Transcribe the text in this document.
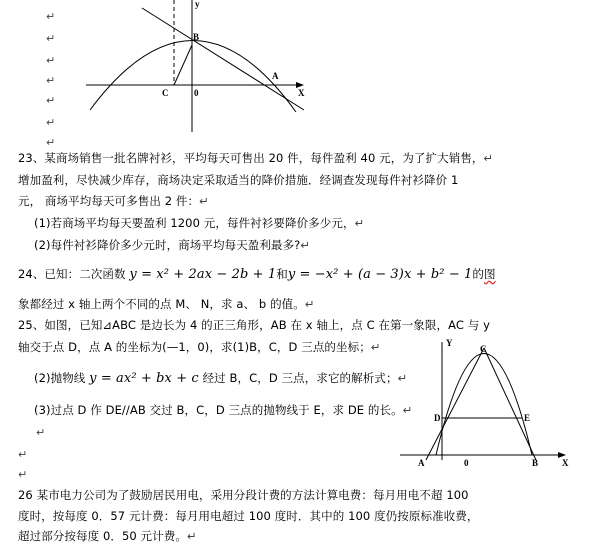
↵
↵
↵
↵
↵
↵
↵
y
B
C	0
A
X
23、某商场销售一批名牌衬衫，平均每天可售出 20 件，每件盈利 40 元，为了扩大销售，↵
增加盈利，尽快减少库存，商场决定采取适当的降价措施．经调查发现每件衬衫降价 1
元， 商场平均每天可多售出 2 件：↵
(1)若商场平均每天要盈利 1200 元，每件衬衫要降价多少元，↵
(2)每件衬衫降价多少元时，商场平均每天盈利最多?↵
24、已知：二次函数 y = x² + 2ax − 2b + 1和y = −x² + (a − 3)x + b² − 1的图
象都经过 x 轴上两个不同的点 M、 N，求 a、 b 的值。↵
25、如图，已知⊿ABC 是边长为 4 的正三角形，AB 在 x 轴上，点 C 在第一象限，AC 与 y
轴交于点 D，点 A 的坐标为(—1，0)，求(1)B，C，D 三点的坐标；↵
(2)抛物线 y = ax² + bx + c 经过 B，C，D 三点，求它的解析式；↵
(3)过点 D 作 DE//AB 交过 B，C，D 三点的抛物线于 E，求 DE 的长。↵
↵
↵
↵
Y
C
D	E
A	0	B	X
26 某市电力公司为了鼓励居民用电，采用分段计费的方法计算电费：每月用电不超 100
度时，按每度 0．57 元计费：每月用电超过 100 度时．其中的 100 度仍按原标准收费，
超过部分按每度 0．50 元计费。↵
